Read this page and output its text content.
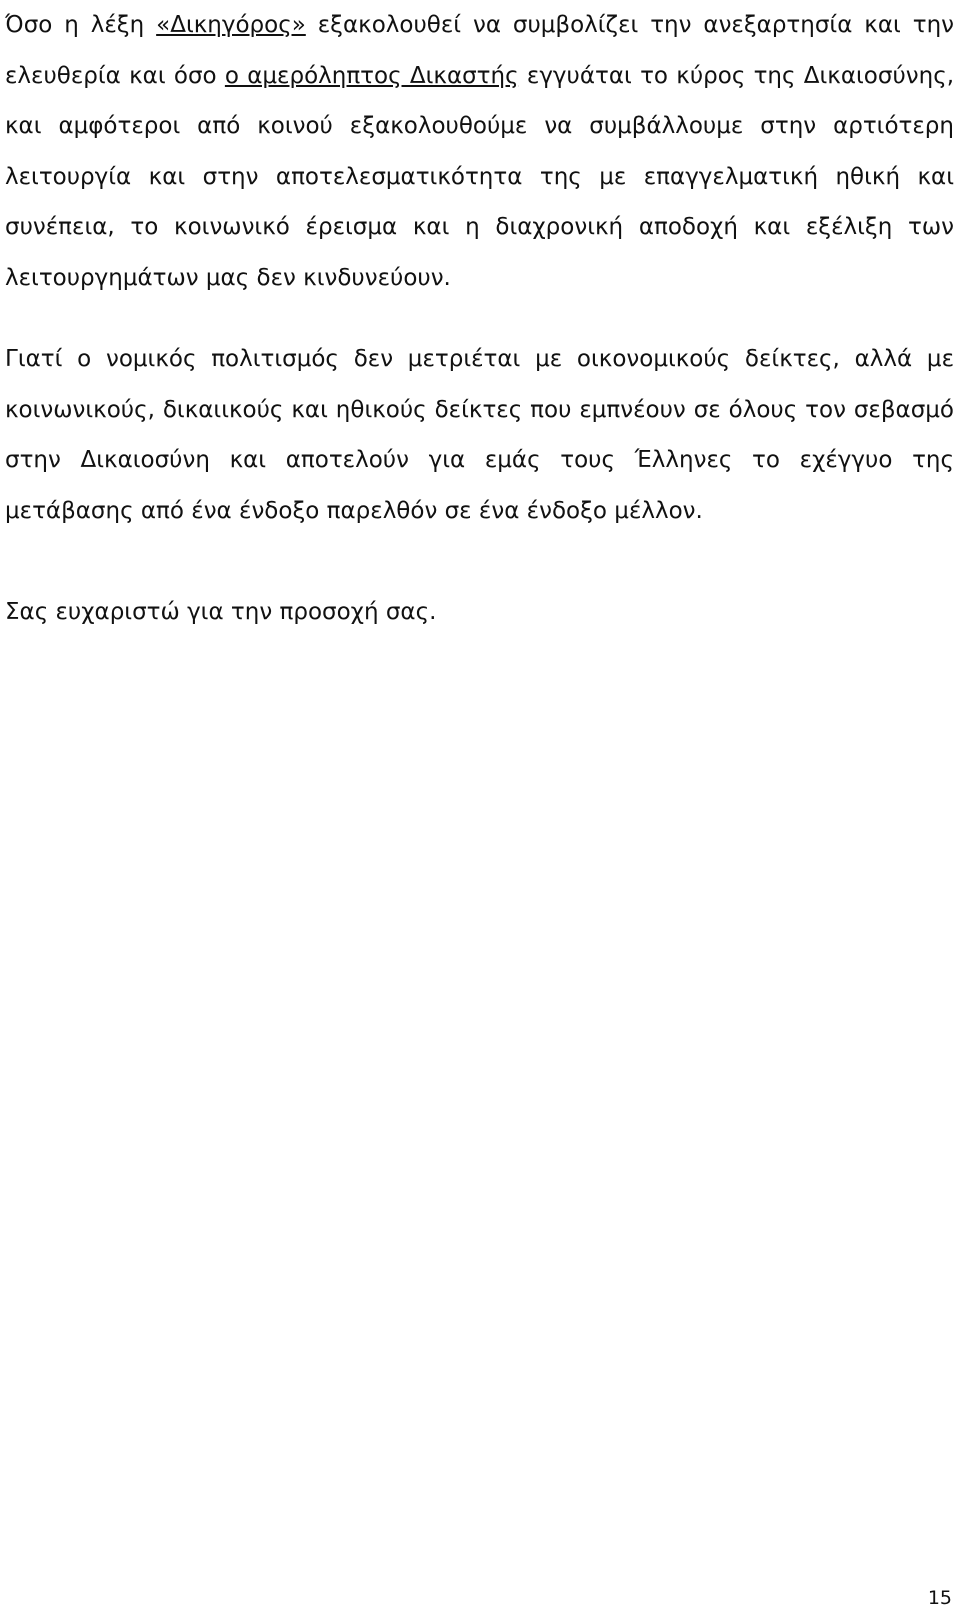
Όσο η λέξη «Δικηγόρος» εξακολουθεί να συμβολίζει την ανεξαρτησία και την ελευθερία και όσο ο αμερόληπτος Δικαστής εγγυάται το κύρος της Δικαιοσύνης, και αμφότεροι από κοινού εξακολουθούμε να συμβάλλουμε στην αρτιότερη λειτουργία και στην αποτελεσματικότητα της με επαγγελματική ηθική και συνέπεια, το κοινωνικό έρεισμα και η διαχρονική αποδοχή και εξέλιξη των λειτουργημάτων μας δεν κινδυνεύουν.

Γιατί ο νομικός πολιτισμός δεν μετριέται με οικονομικούς δείκτες, αλλά με κοινωνικούς, δικαιικούς και ηθικούς δείκτες που εμπνέουν σε όλους τον σεβασμό στην Δικαιοσύνη και αποτελούν για εμάς τους Έλληνες το εχέγγυο της μετάβασης από ένα ένδοξο παρελθόν σε ένα ένδοξο μέλλον.

Σας ευχαριστώ για την προσοχή σας.

15
